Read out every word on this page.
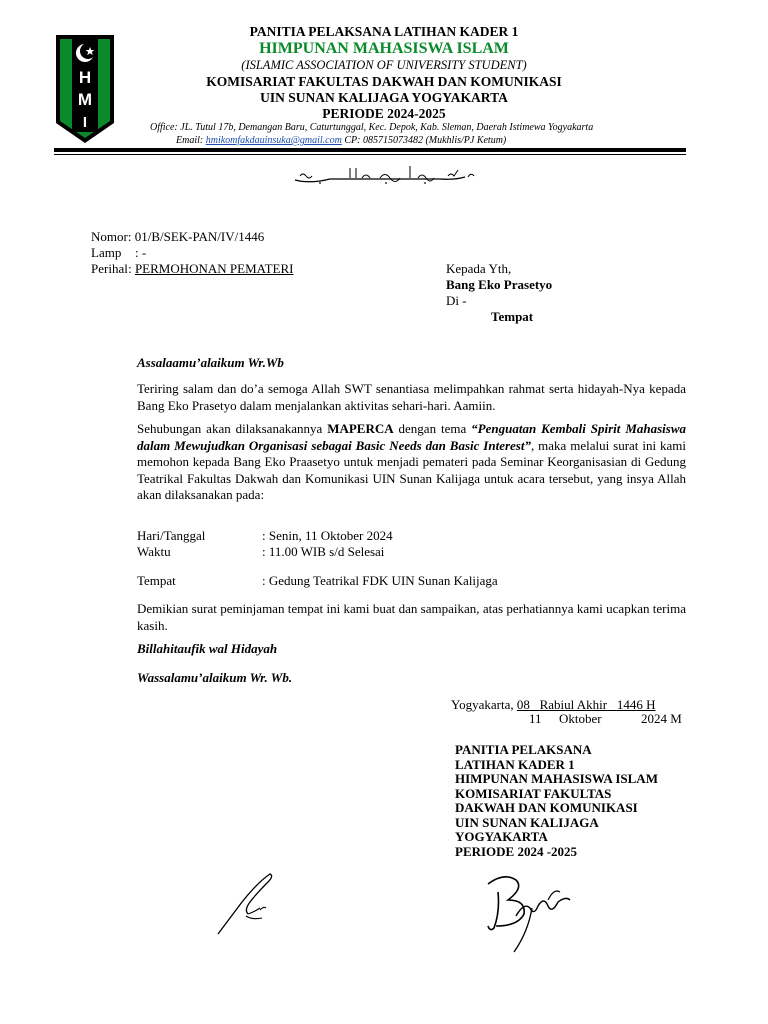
H
M
I
PANITIA PELAKSANA LATIHAN KADER 1
HIMPUNAN MAHASISWA ISLAM
(ISLAMIC ASSOCIATION OF UNIVERSITY STUDENT)
KOMISARIAT FAKULTAS DAKWAH DAN KOMUNIKASI
UIN SUNAN KALIJAGA YOGYAKARTA
PERIODE 2024-2025
Office: JL. Tutul 17b, Demangan Baru, Caturtunggal, Kec. Depok, Kab. Sleman, Daerah Istimewa Yogyakarta
Email: hmikomfakdauinsuka@gmail.com CP: 085715073482 (Mukhlis/PJ Ketum)
Nomor: 01/B/SEK-PAN/IV/1446
Lamp : -
Perihal : PERMOHONAN PEMATERI	Kepada Yth,
Bang Eko Prasetyo
Di -
Tempat
Assalaamu’alaikum Wr.Wb
Teriring salam dan do’a semoga Allah SWT senantiasa melimpahkan rahmat serta hidayah-Nya kepada Bang Eko Prasetyo dalam menjalankan aktivitas sehari-hari. Aamiin.
Sehubungan akan dilaksanakannya MAPERCA dengan tema “Penguatan Kembali Spirit Mahasiswa dalam Mewujudkan Organisasi sebagai Basic Needs dan Basic Interest”, maka melalui surat ini kami memohon kepada Bang Eko Praasetyo untuk menjadi pemateri pada Seminar Keorganisasian di Gedung Teatrikal Fakultas Dakwah dan Komunikasi UIN Sunan Kalijaga untuk acara tersebut, yang insya Allah akan dilaksanakan pada:
Hari/Tanggal	: Senin, 11 Oktober 2024
Waktu	: 11.00 WIB s/d Selesai
Tempat	: Gedung Teatrikal FDK UIN Sunan Kalijaga
Demikian surat peminjaman tempat ini kami buat dan sampaikan, atas perhatiannya kami ucapkan terima kasih.
Billahitaufik wal Hidayah
Wassalamu’alaikum Wr. Wb.
Yogyakarta, 08 Rabiul Akhir 1446 H
11 Oktober	2024 M
PANITIA PELAKSANA
LATIHAN KADER 1
HIMPUNAN MAHASISWA ISLAM
KOMISARIAT FAKULTAS
DAKWAH DAN KOMUNIKASI
UIN SUNAN KALIJAGA
YOGYAKARTA
PERIODE 2024 -2025
